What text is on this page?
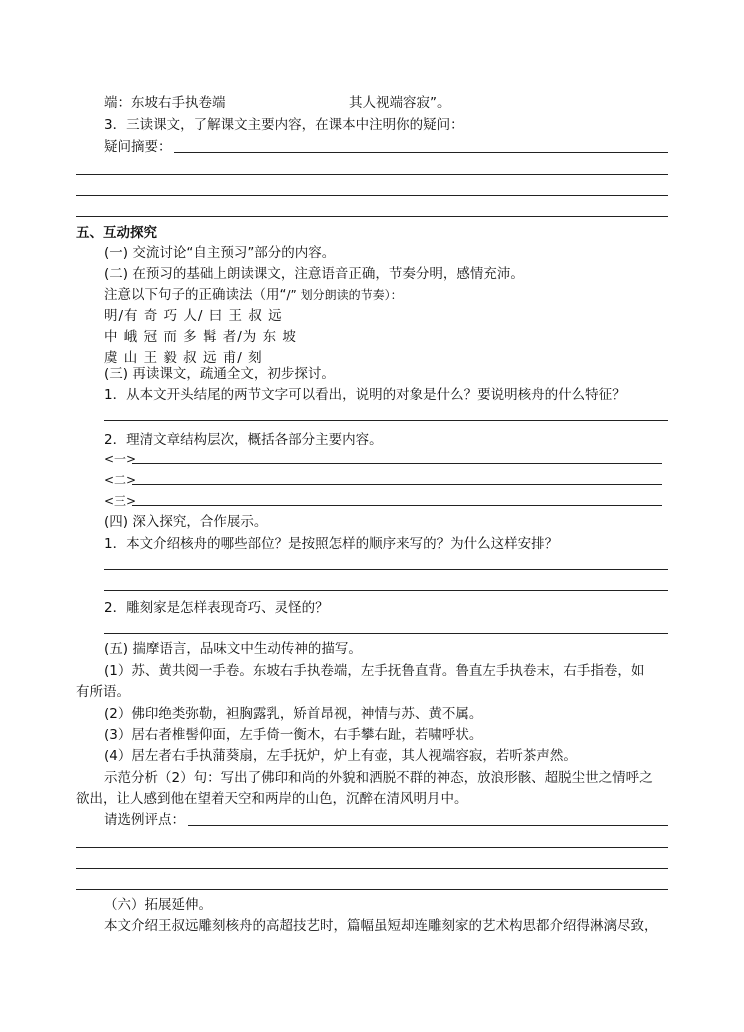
端：东坡右手执卷端	其人视端容寂”。
3．三读课文，了解课文主要内容，在课本中注明你的疑问：
疑问摘要：
五、互动探究
(一) 交流讨论“自主预习”部分的内容。
(二) 在预习的基础上朗读课文，注意语音正确，节奏分明，感情充沛。
注意以下句子的正确读法（用“/” 划分朗读的节奏）：
明/有 奇 巧 人/ 曰 王 叔 远
中 峨 冠 而 多 髯 者/为 东 坡
虞 山 王 毅 叔 远 甫/ 刻
(三) 再读课文，疏通全文，初步探讨。
1．从本文开头结尾的两节文字可以看出，说明的对象是什么？要说明核舟的什么特征？
2．理清文章结构层次，概括各部分主要内容。
<一>
<二>
<三>
(四) 深入探究，合作展示。
1．本文介绍核舟的哪些部位？是按照怎样的顺序来写的？为什么这样安排？
2．雕刻家是怎样表现奇巧、灵怪的？
(五) 揣摩语言，品味文中生动传神的描写。
(1）苏、黄共阅一手卷。东坡右手执卷端，左手抚鲁直背。鲁直左手执卷末，右手指卷，如
有所语。
(2）佛印绝类弥勒，袒胸露乳，矫首昂视，神情与苏、黄不属。
(3）居右者椎髻仰面，左手倚一衡木，右手攀右趾，若啸呼状。
(4）居左者右手执蒲葵扇，左手抚炉，炉上有壶，其人视端容寂，若听茶声然。
示范分析（2）句：写出了佛印和尚的外貌和洒脱不群的神态，放浪形骸、超脱尘世之情呼之
欲出，让人感到他在望着天空和两岸的山色，沉醉在清风明月中。
请选例评点：
（六）拓展延伸。
本文介绍王叔远雕刻核舟的高超技艺时，篇幅虽短却连雕刻家的艺术构思都介绍得淋漓尽致，
